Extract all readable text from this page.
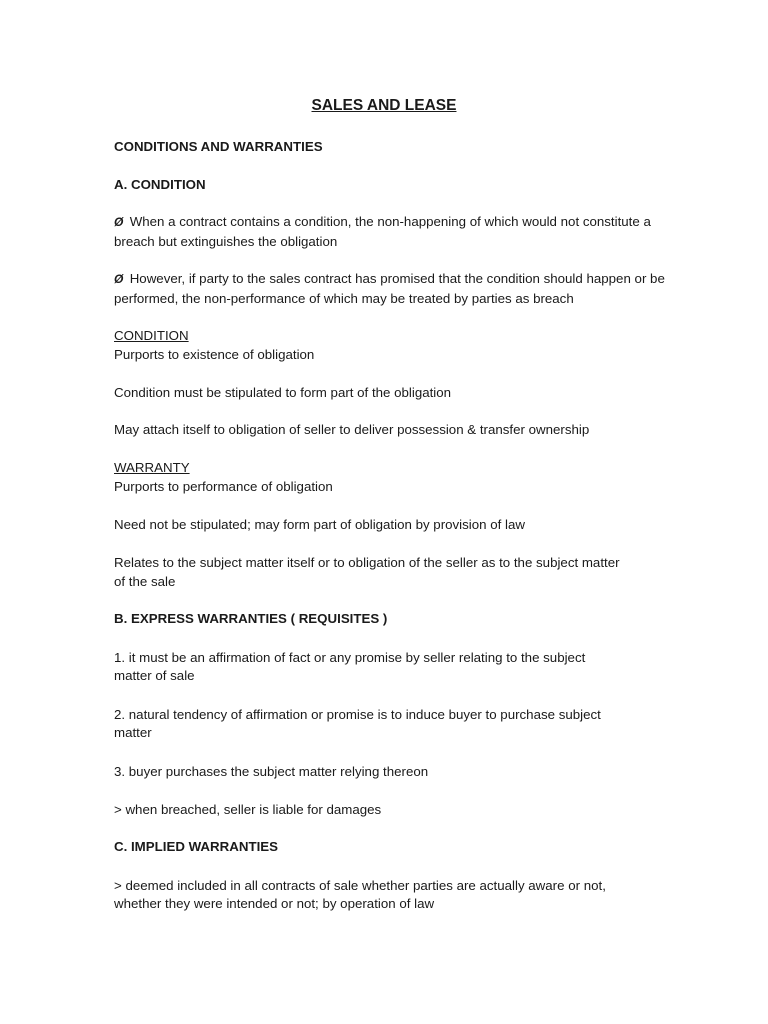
SALES AND LEASE

CONDITIONS AND WARRANTIES

A. CONDITION

Ø When a contract contains a condition, the non-happening of which would not constitute a breach but extinguishes the obligation
Ø However, if party to the sales contract has promised that the condition should happen or be performed, the non-performance of which may be treated by parties as breach

CONDITION

Purports to existence of obligation

Condition must be stipulated to form part of the obligation

May attach itself to obligation of seller to deliver possession & transfer ownership

WARRANTY

Purports to performance of obligation

Need not be stipulated; may form part of obligation by provision of law

Relates to the subject matter itself or to obligation of the seller as to the subject matter

of the sale

B. EXPRESS WARRANTIES ( REQUISITES )

1. it must be an affirmation of fact or any promise by seller relating to the subject

matter of sale

2. natural tendency of affirmation or promise is to induce buyer to purchase subject

matter

3. buyer purchases the subject matter relying thereon

> when breached, seller is liable for damages

C. IMPLIED WARRANTIES

> deemed included in all contracts of sale whether parties are actually aware or not,

whether they were intended or not; by operation of law
